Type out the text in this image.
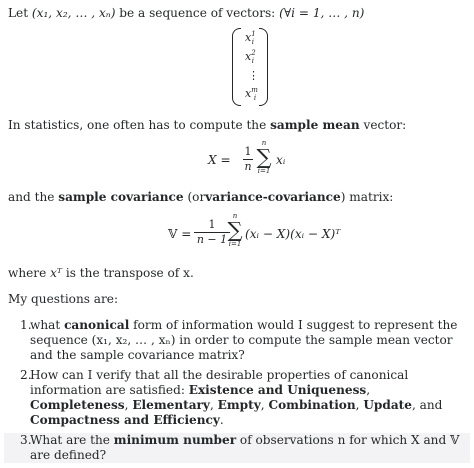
Let (x₁, x₂, … , xₙ) be a sequence of vectors: (∀i = 1, … , n)
$x^1_i$
$x^2_i$
⋮
$x^m_i$
In statistics, one often has to compute the sample mean vector:
$X = \frac{1}{n}$
n
∑
i=1
xᵢ
and the sample covariance (orvariance-covariance) matrix:
𝕍 = $\frac{1}{n - 1}$
n
∑
i=1
(xᵢ − X)(xᵢ − X)ᵀ
where xᵀ is the transpose of x.
My questions are:
1.
what canonical form of information would I suggest to represent the sequence (x₁, x₂, … , xₙ) in order to compute the sample mean vector and the sample covariance matrix?
2.
How can I verify that all the desirable properties of canonical information are satisfied: Existence and Uniqueness, Completeness, Elementary, Empty, Combination, Update, and Compactness and Efficiency.
3.
What are the minimum number of observations n for which X and 𝕍 are defined?
